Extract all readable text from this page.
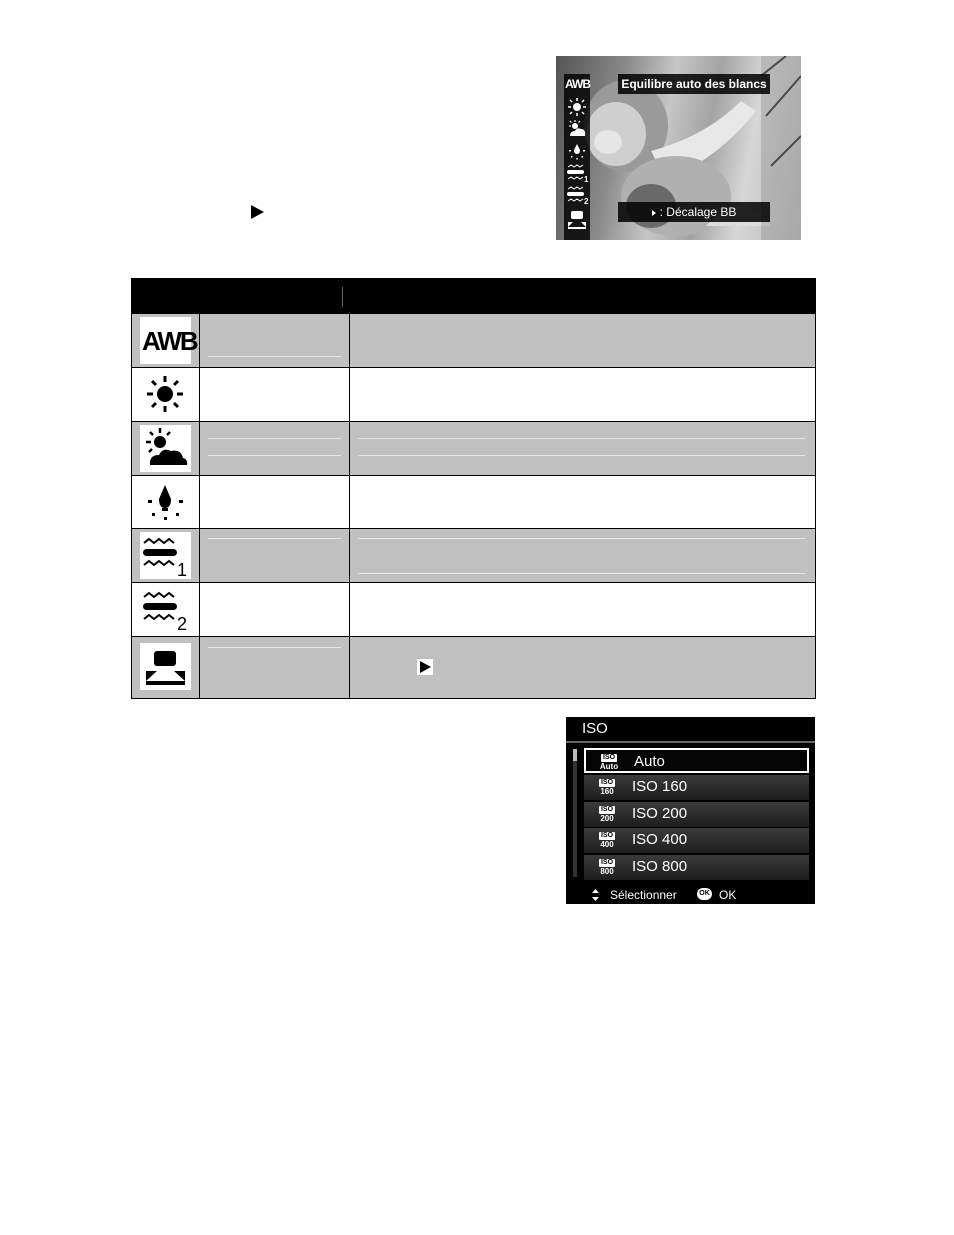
AWB
1
2
Equilibre auto des blancs
: Décalage BB
AWB
1
2
ISO
ISO
Auto Auto
ISO
160 ISO 160
ISO
200 ISO 200
ISO
400 ISO 400
ISO
800 ISO 800
Sélectionner	OK OK
